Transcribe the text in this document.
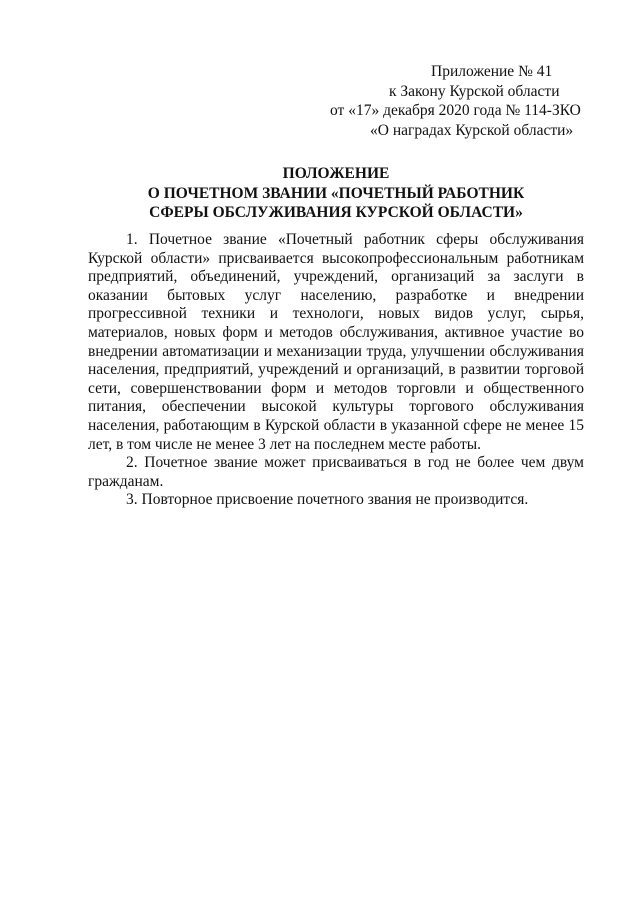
Приложение № 41
к Закону Курской области
от «17» декабря 2020 года № 114-ЗКО
«О наградах Курской области»
ПОЛОЖЕНИЕ
О ПОЧЕТНОМ ЗВАНИИ «ПОЧЕТНЫЙ РАБОТНИК
СФЕРЫ ОБСЛУЖИВАНИЯ КУРСКОЙ ОБЛАСТИ»

1. Почетное звание «Почетный работник сферы обслуживания Курской области» присваивается высокопрофессиональным работникам предприятий, объединений, учреждений, организаций за заслуги в оказании бытовых услуг населению, разработке и внедрении прогрессивной техники и технологи, новых видов услуг, сырья, материалов, новых форм и методов обслуживания, активное участие во внедрении автоматизации и механизации труда, улучшении обслуживания населения, предприятий, учреждений и организаций, в развитии торговой сети, совершенствовании форм и методов торговли и общественного питания, обеспечении высокой культуры торгового обслуживания населения, работающим в Курской области в указанной сфере не менее 15 лет, в том числе не менее 3 лет на последнем месте работы.

2. Почетное звание может присваиваться в год не более чем двум гражданам.

3. Повторное присвоение почетного звания не производится.
